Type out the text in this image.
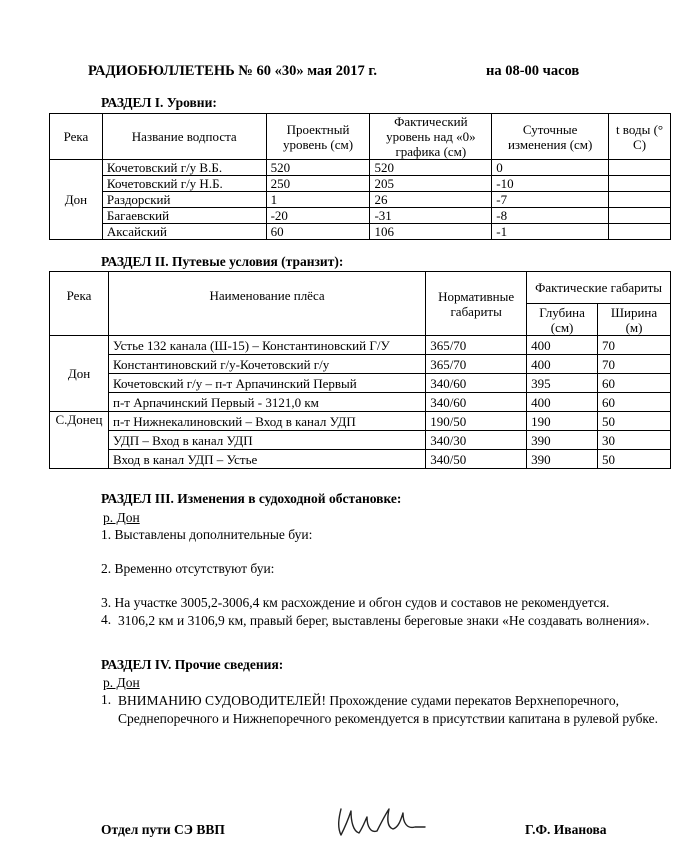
РАДИОБЮЛЛЕТЕНЬ № 60 «30» мая 2017 г.	на 08-00 часов
РАЗДЕЛ I. Уровни:
Река	Название водпоста	Проектный уровень (см)	Фактический уровень над «0» графика (см)	Суточные изменения (см)	t воды (° С)
Дон	Кочетовский г/у В.Б.	520	520	0	
	Кочетовский г/у Н.Б.	250	205	-10	
	Раздорский	1	26	-7	
	Багаевский	-20	-31	-8	
	Аксайский	60	106	-1	
РАЗДЕЛ II. Путевые условия (транзит):
Река	Наименование плёса	Нормативные габариты	Фактические габариты	
			Глубина (см)	Ширина (м)
Дон	Устье 132 канала (Ш-15) – Константиновский Г/У	365/70	400	70
	Константиновский г/у-Кочетовский г/у	365/70	400	70
	Кочетовский г/у – п-т Арпачинский Первый	340/60	395	60
	п-т Арпачинский Первый - 3121,0 км	340/60	400	60
С.Донец	п-т Нижнекалиновский – Вход в канал УДП	190/50	190	50
	УДП – Вход в канал УДП	340/30	390	30
	Вход в канал УДП – Устье	340/50	390	50
РАЗДЕЛ III. Изменения в судоходной обстановке:
р. Дон
1. Выставлены дополнительные буи:
2. Временно отсутствуют буи:
3. На участке 3005,2-3006,4 км расхождение и обгон судов и составов не рекомендуется.
4. 3106,2 км и 3106,9 км, правый берег, выставлены береговые знаки «Не создавать волнения».
РАЗДЕЛ IV. Прочие сведения:
р. Дон
1. ВНИМАНИЮ СУДОВОДИТЕЛЕЙ! Прохождение судами перекатов Верхнепоречного, Среднепоречного и Нижнепоречного рекомендуется в присутствии капитана в рулевой рубке.
Отдел пути СЭ ВВП	Г.Ф. Иванова
